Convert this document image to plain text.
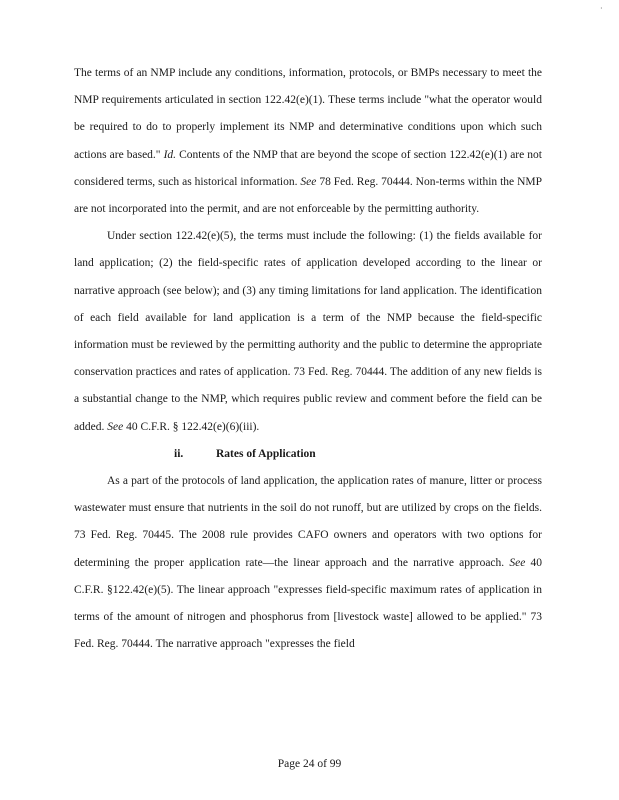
·

The terms of an NMP include any conditions, information, protocols, or BMPs necessary to meet the NMP requirements articulated in section 122.42(e)(1). These terms include "what the operator would be required to do to properly implement its NMP and determinative conditions upon which such actions are based." Id. Contents of the NMP that are beyond the scope of section 122.42(e)(1) are not considered terms, such as historical information. See 78 Fed. Reg. 70444. Non-terms within the NMP are not incorporated into the permit, and are not enforceable by the permitting authority.

Under section 122.42(e)(5), the terms must include the following: (1) the fields available for land application; (2) the field-specific rates of application developed according to the linear or narrative approach (see below); and (3) any timing limitations for land application. The identification of each field available for land application is a term of the NMP because the field-specific information must be reviewed by the permitting authority and the public to determine the appropriate conservation practices and rates of application. 73 Fed. Reg. 70444. The addition of any new fields is a substantial change to the NMP, which requires public review and comment before the field can be added. See 40 C.F.R. § 122.42(e)(6)(iii).

ii.	Rates of Application

As a part of the protocols of land application, the application rates of manure, litter or process wastewater must ensure that nutrients in the soil do not runoff, but are utilized by crops on the fields. 73 Fed. Reg. 70445. The 2008 rule provides CAFO owners and operators with two options for determining the proper application rate—the linear approach and the narrative approach. See 40 C.F.R. §122.42(e)(5). The linear approach "expresses field-specific maximum rates of application in terms of the amount of nitrogen and phosphorus from [livestock waste] allowed to be applied." 73 Fed. Reg. 70444. The narrative approach "expresses the field

Page 24 of 99
